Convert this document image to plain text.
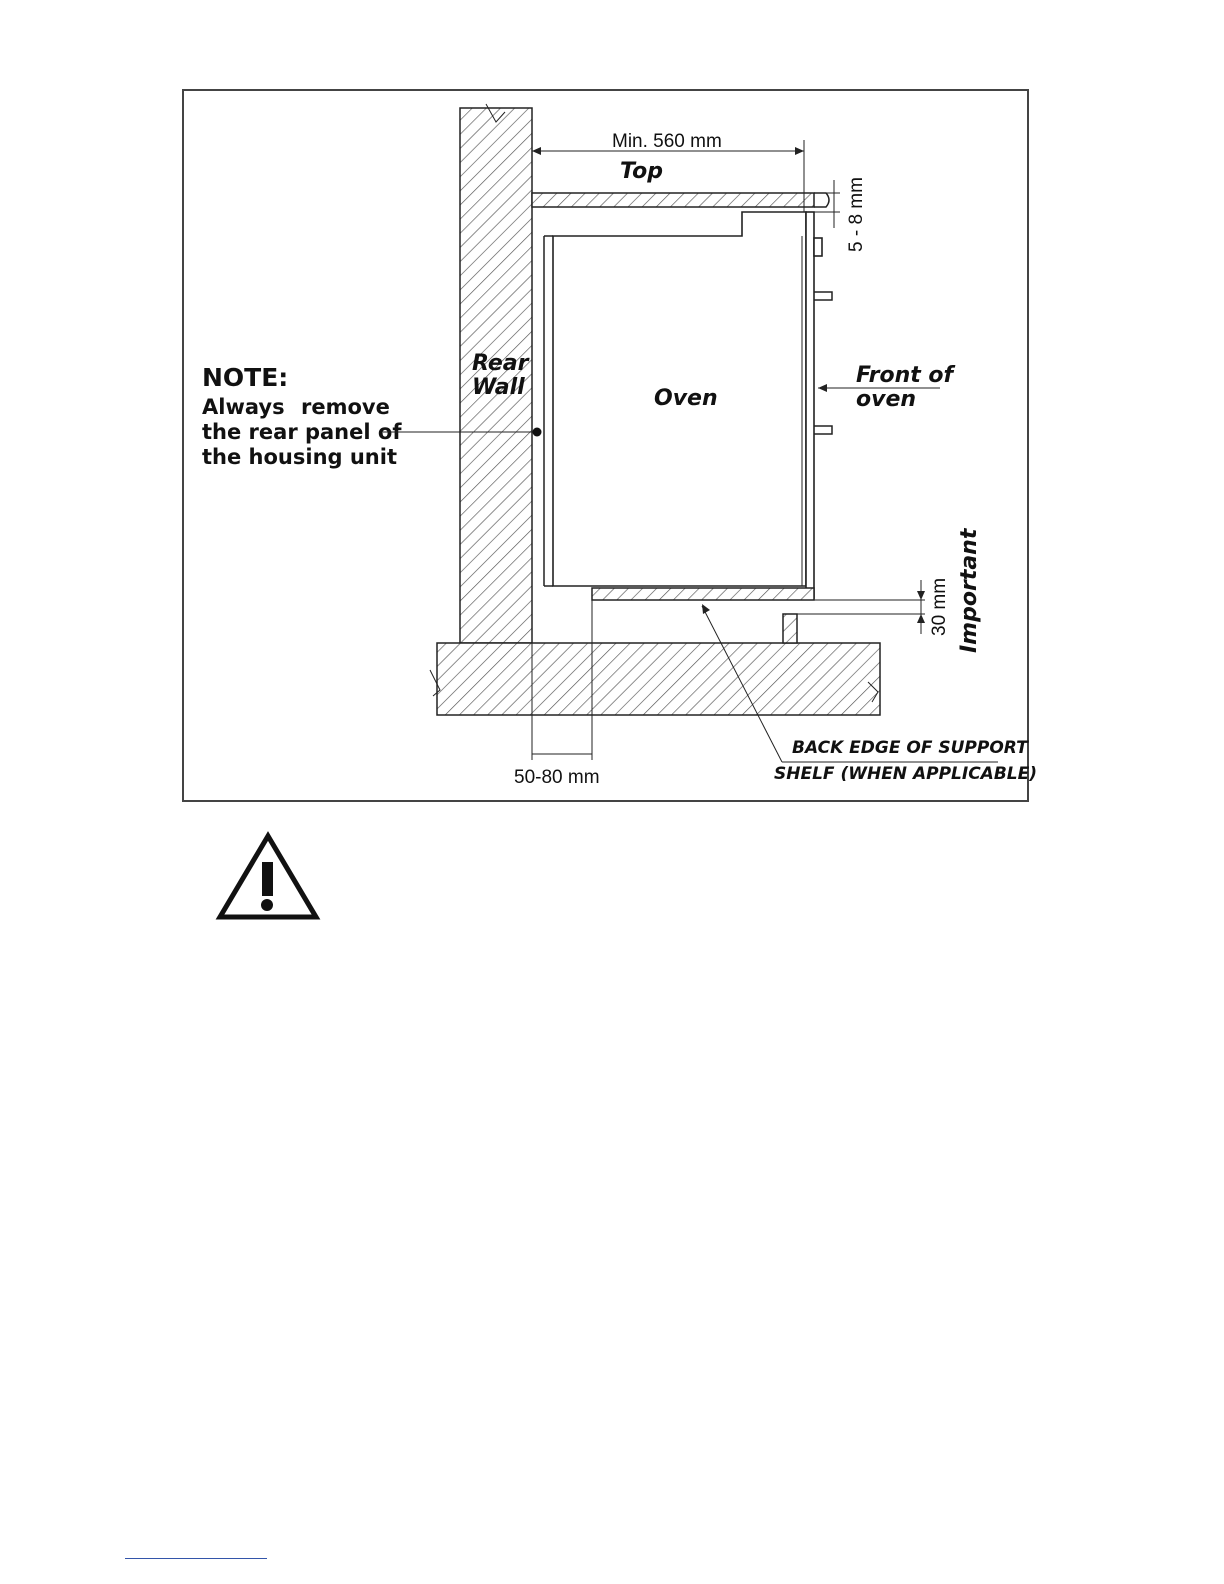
Min. 560 mm
Top
5 - 8 mm
Rear
Wall	Oven
Front of
oven
NOTE:
Always remove
the rear panel of
the housing unit
30 mm Important
BACK EDGE OF SUPPORT
SHELF (WHEN APPLICABLE)
50-80 mm
